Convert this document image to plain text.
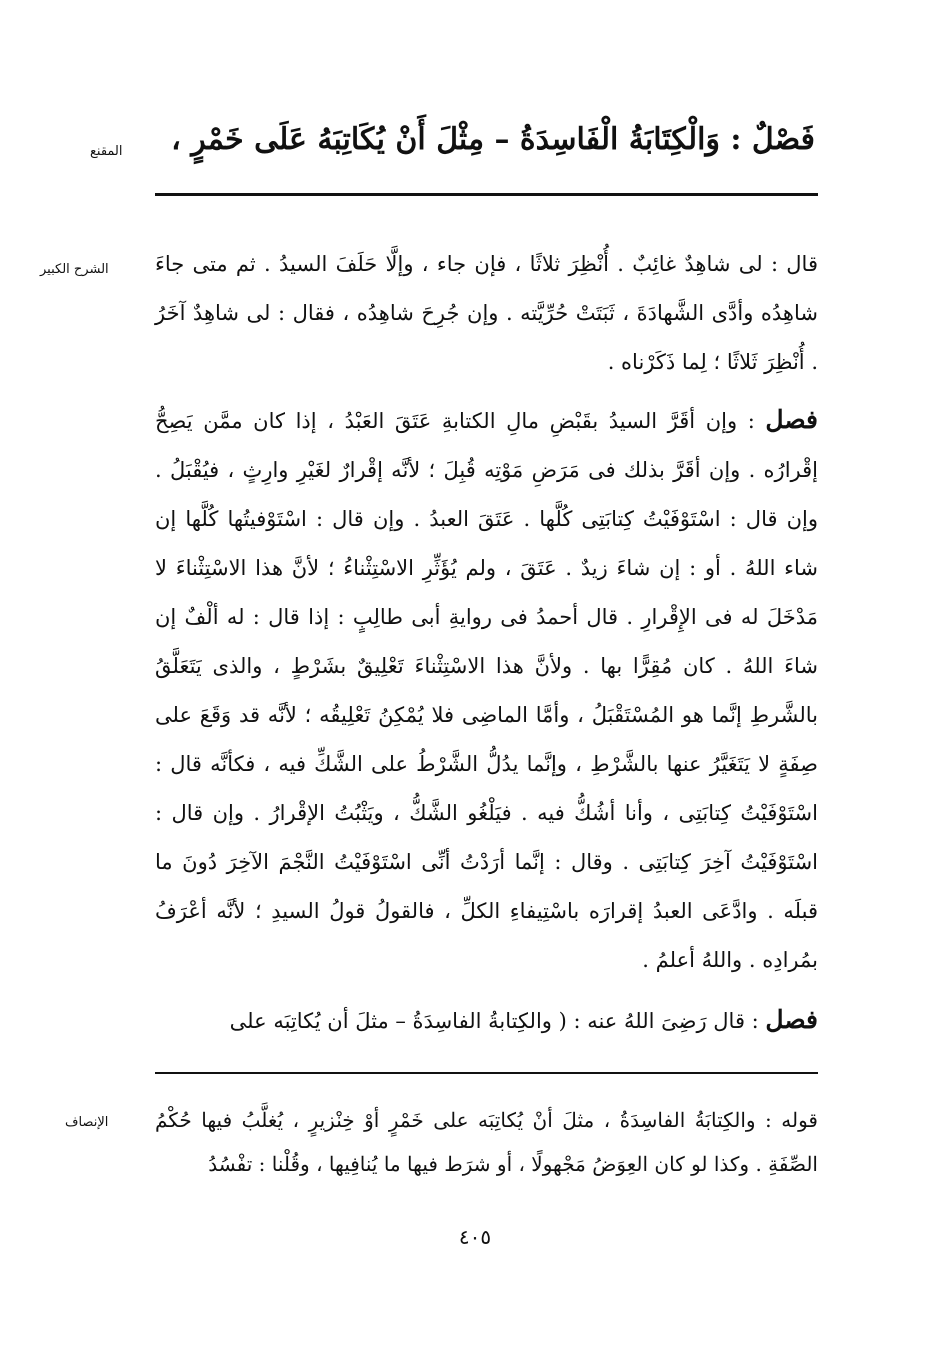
المقنع
الشرح الكبير
الإنصاف
فَصْلٌ : وَالْكِتَابَةُ الْفَاسِدَةُ – مِثْلَ أَنْ يُكَاتِبَهُ عَلَى خَمْرٍ ،

قال : لى شاهِدٌ غائِبٌ . أُنْظِرَ ثلاثًا ، فإن جاء ، وإلَّا حَلَفَ السيدُ . ثم متى جاءَ شاهِدُه وأدَّى الشَّهادَةَ ، ثَبَتَتْ حُرِّيَّته . وإن جُرِحَ شاهِدُه ، فقال : لى شاهِدٌ آخَرُ . أُنْظِرَ ثَلاثًا ؛ لِما ذَكَرْناه .

فصل : وإن أقَرَّ السيدُ بقَبْضِ مالِ الكتابةِ عَتَقَ العَبْدُ ، إذا كان ممَّن يَصِحُّ إقْرارُه . وإن أقَرَّ بذلك فى مَرَضِ مَوْتِه قُبِلَ ؛ لأنَّه إقْرارٌ لغَيْرِ وارِثٍ ، فيُقْبَلُ . وإن قال : اسْتَوْفَيْتُ كِتابَتِى كُلَّها . عَتَقَ العبدُ . وإن قال : اسْتَوْفيتُها كُلَّها إن شاء اللهُ . أو : إن شاءَ زيدٌ . عَتَقَ ، ولم يُؤَثِّرِ الاسْتِثْناءُ ؛ لأنَّ هذا الاسْتِثْناءَ لا مَدْخَلَ له فى الإِقْرارِ . قال أحمدُ فى روايةِ أبى طالِبٍ : إذا قال : له ألْفٌ إن شاءَ اللهُ . كان مُقِرًّا بها . ولأنَّ هذا الاسْتِثْناءَ تَعْلِيقٌ بشَرْطٍ ، والذى يَتَعَلَّقُ بالشَّرطِ إنَّما هو المُسْتَقْبَلُ ، وأمَّا الماضِى فلا يُمْكِنُ تَعْلِيقُه ؛ لأنَّه قد وَقَعَ على صِفَةٍ لا يَتَغَيَّرُ عنها بالشَّرْطِ ، وإنَّما يدُلُّ الشَّرْطُ على الشَّكِّ فيه ، فكأنَّه قال : اسْتَوْفَيْتُ كِتابَتِى ، وأنا أشُكُّ فيه . فيَلْغُو الشَّكُّ ، ويَثْبُتُ الإقْرارُ . وإن قال : اسْتَوْفَيْتُ آخِرَ كِتابَتِى . وقال : إنَّما أرَدْتُ أنِّى اسْتَوْفَيْتُ النَّجْمَ الآخِرَ دُونَ ما قبلَه . وادَّعَى العبدُ إقرارَه باسْتِيفاءِ الكلِّ ، فالقولُ قولُ السيدِ ؛ لأنَّه أعْرَفُ بمُرادِه . واللهُ أعلمُ .

فصل : قال رَضِىَ اللهُ عنه : ( والكِتابةُ الفاسِدَةُ – مثلَ أن يُكاتِبَه على

قوله : والكِتابَةُ الفاسِدَةُ ، مثلَ أنْ يُكاتِبَه على خَمْرٍ أوْ خِنْزيرٍ ، يُغلَّبُ فيها حُكْمُ الصِّفَةِ . وكذا لو كان العِوَضُ مَجْهولًا ، أو شرَط فيها ما يُنافِيها ، وقُلْنا : تفْسُدُ

٤٠٥
